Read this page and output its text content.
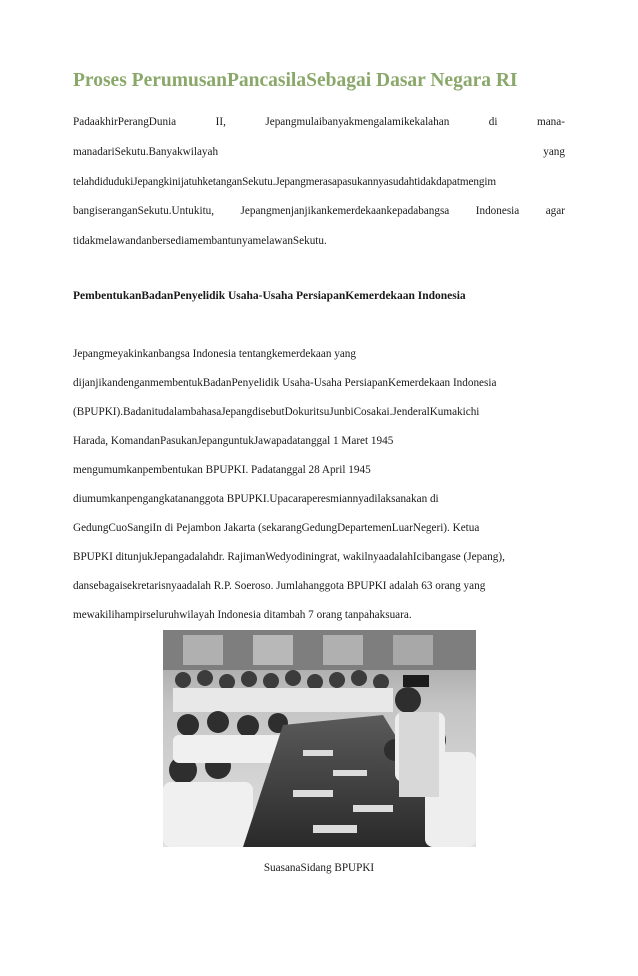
Proses PerumusanPancasilaSebagai Dasar Negara RI
PadaakhirPerangDunia	II,	Jepangmulaibanyakmengalamikekalahan	di	mana-
manadariSekutu.Banyakwilayah	yang
telahdidudukiJepangkinijatuhketanganSekutu.Jepangmerasapasukannyasudahtidakdapatmengim
bangiseranganSekutu.Untukitu, Jepangmenjanjikankemerdekaankepadabangsa Indonesia agar
tidakmelawandanbersediamembantunyamelawanSekutu.
PembentukanBadanPenyelidik Usaha-Usaha PersiapanKemerdekaan Indonesia
Jepangmeyakinkanbangsa Indonesia tentangkemerdekaan yang
dijanjikandenganmembentukBadanPenyelidik Usaha-Usaha PersiapanKemerdekaan Indonesia
(BPUPKI).BadanitudalambahasaJepangdisebutDokuritsuJunbiCosakai.JenderalKumakichi
Harada, KomandanPasukanJepanguntukJawapadatanggal 1 Maret 1945
mengumumkanpembentukan BPUPKI. Padatanggal 28 April 1945
diumumkanpengangkatananggota BPUPKI.Upacaraperesmiannyadilaksanakan di
GedungCuoSangiIn di Pejambon Jakarta (sekarangGedungDepartemenLuarNegeri). Ketua
BPUPKI ditunjukJepangadalahdr. RajimanWedyodiningrat, wakilnyaadalahIcibangase (Jepang),
dansebagaisekretarisnyaadalah R.P. Soeroso. Jumlahanggota BPUPKI adalah 63 orang yang
mewakilihampirseluruhwilayah Indonesia ditambah 7 orang tanpahaksuara.
SuasanaSidang BPUPKI
